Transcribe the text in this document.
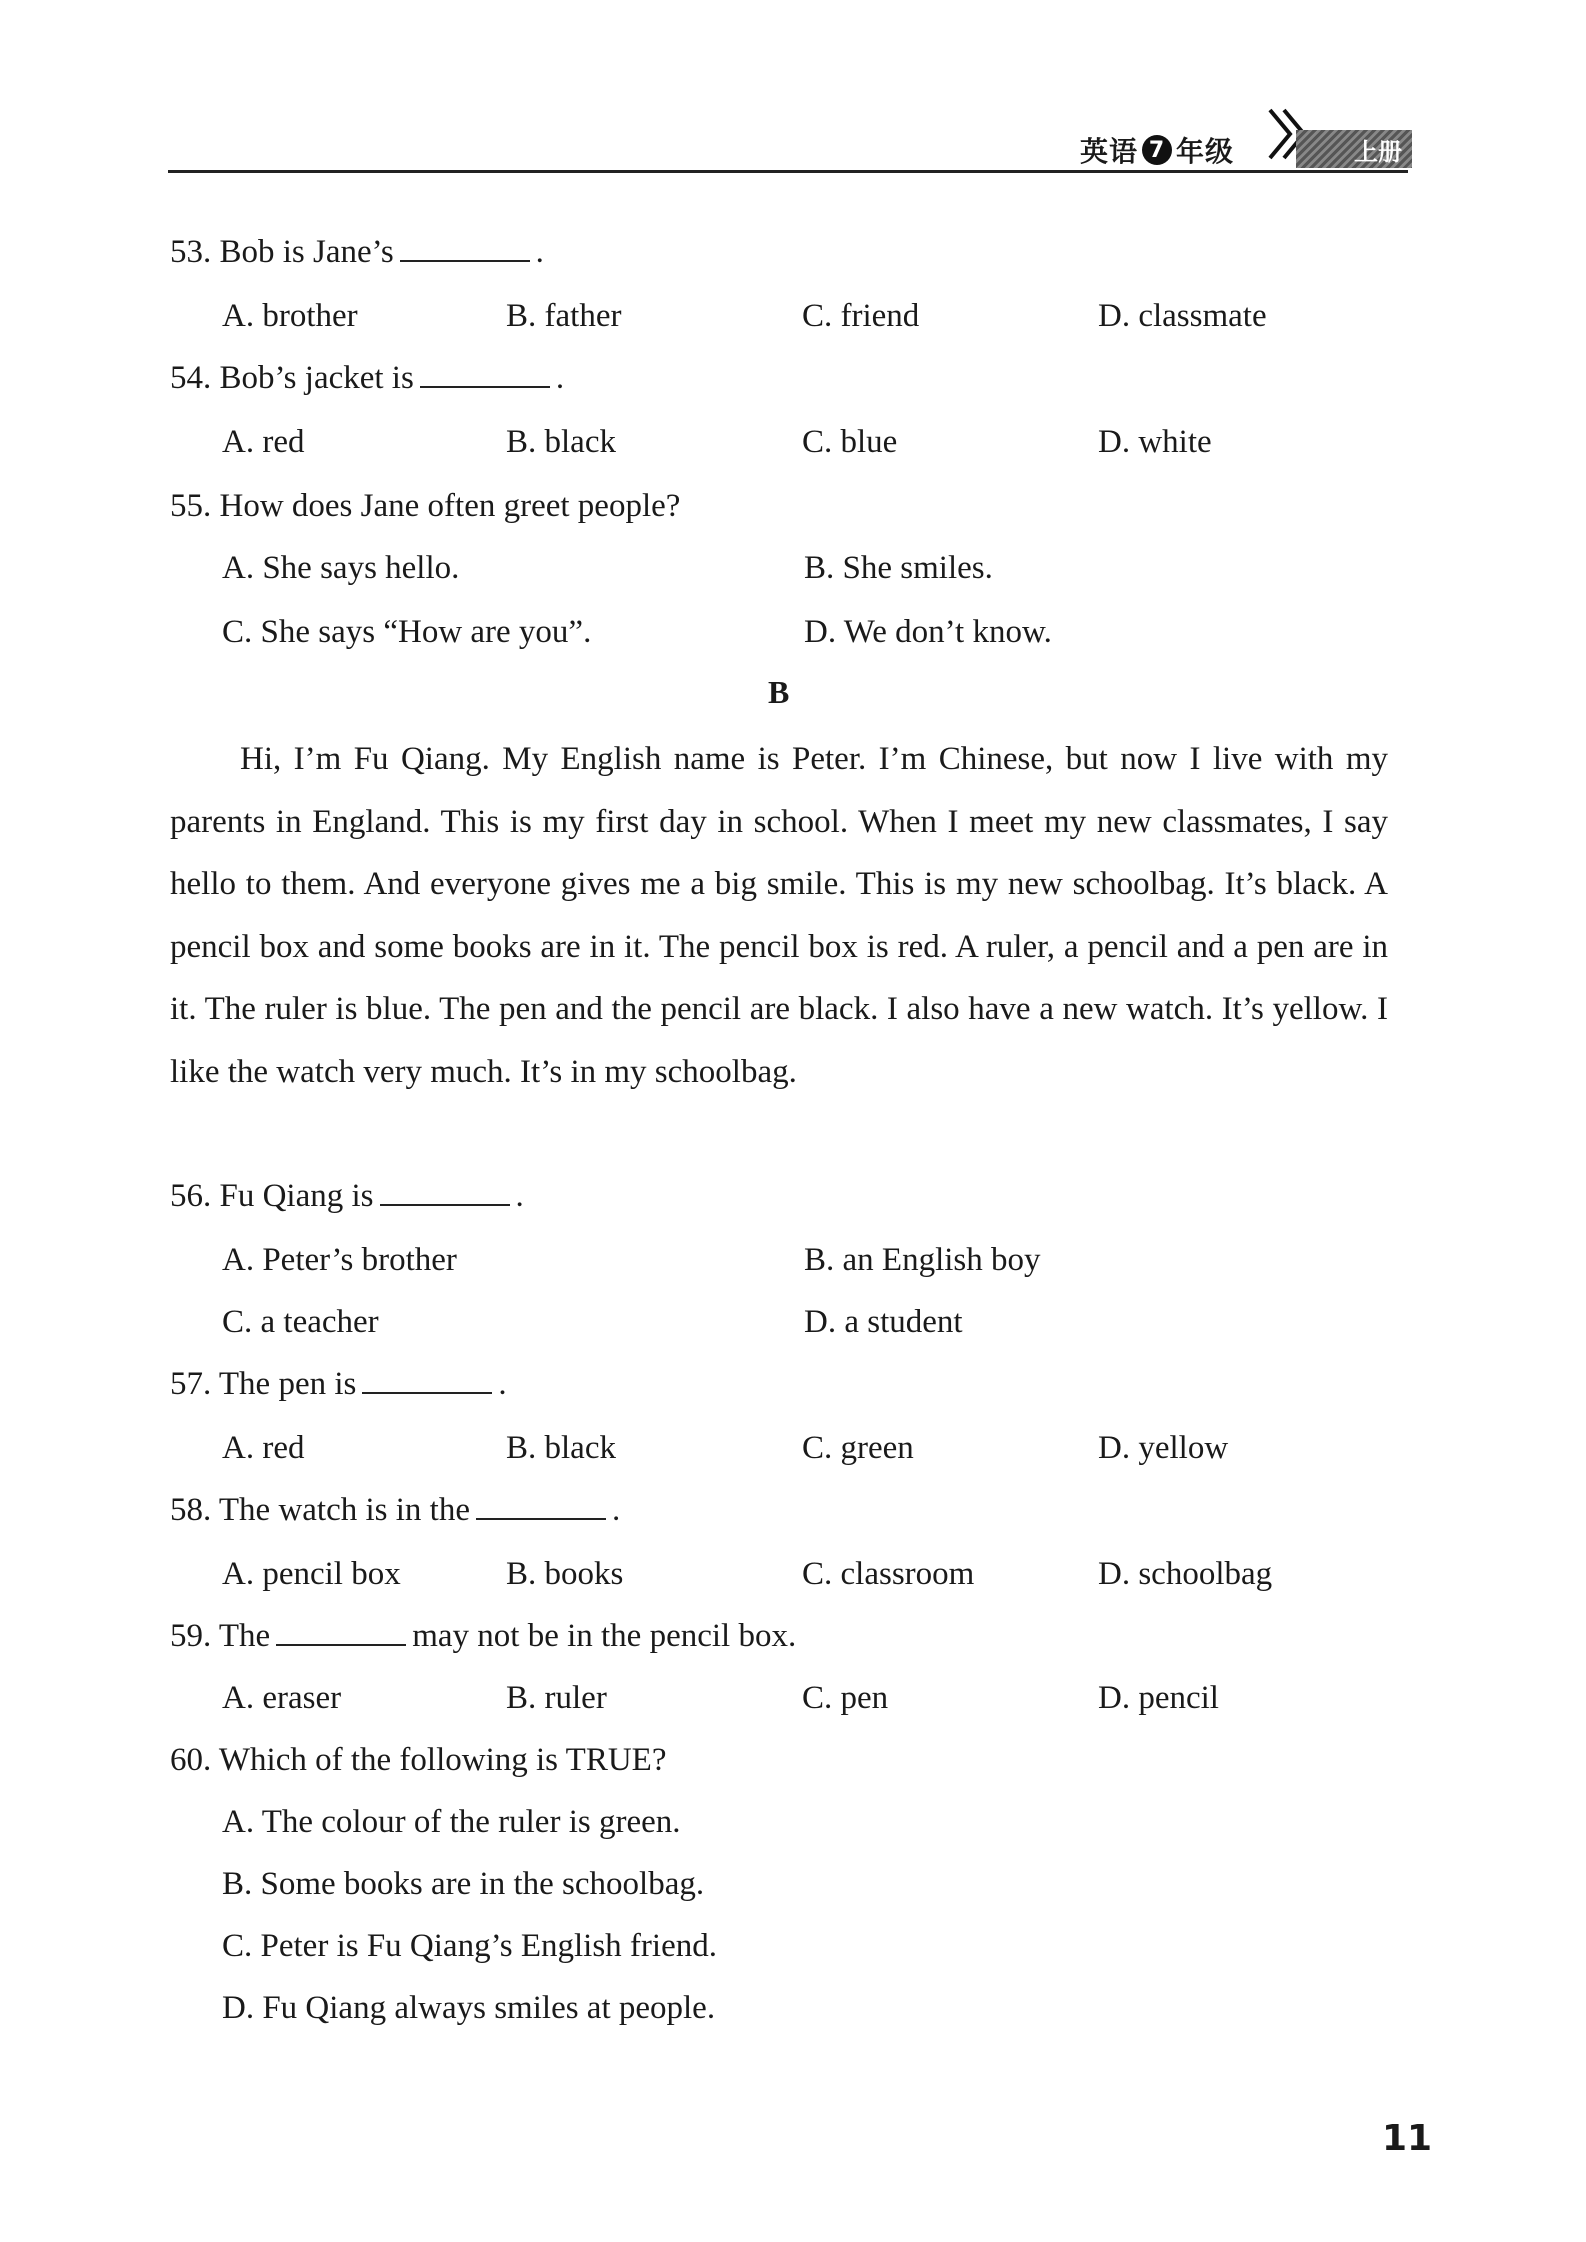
英语 7 年级	上册
53. Bob is Jane’s	.
A. brother	B. father	C. friend	D. classmate
54. Bob’s jacket is	.
A. red	B. black	C. blue	D. white
55. How does Jane often greet people?
A. She says hello.	B. She smiles.
C. She says “How are you”.	D. We don’t know.
B
Hi, I’m Fu Qiang. My English name is Peter. I’m Chinese, but now I live with my parents in England. This is my first day in school. When I meet my new classmates, I say hello to them. And everyone gives me a big smile. This is my new schoolbag. It’s black. A pencil box and some books are in it. The pencil box is red. A ruler, a pencil and a pen are in it. The ruler is blue. The pen and the pencil are black. I also have a new watch. It’s yellow. I like the watch very much. It’s in my schoolbag.
56. Fu Qiang is	.
A. Peter’s brother	B. an English boy
C. a teacher	D. a student
57. The pen is	.
A. red	B. black	C. green	D. yellow
58. The watch is in the	.
A. pencil box	B. books	C. classroom	D. schoolbag
59. The	may not be in the pencil box.
A. eraser	B. ruler	C. pen	D. pencil
60. Which of the following is TRUE?
A. The colour of the ruler is green.
B. Some books are in the schoolbag.
C. Peter is Fu Qiang’s English friend.
D. Fu Qiang always smiles at people.
11
